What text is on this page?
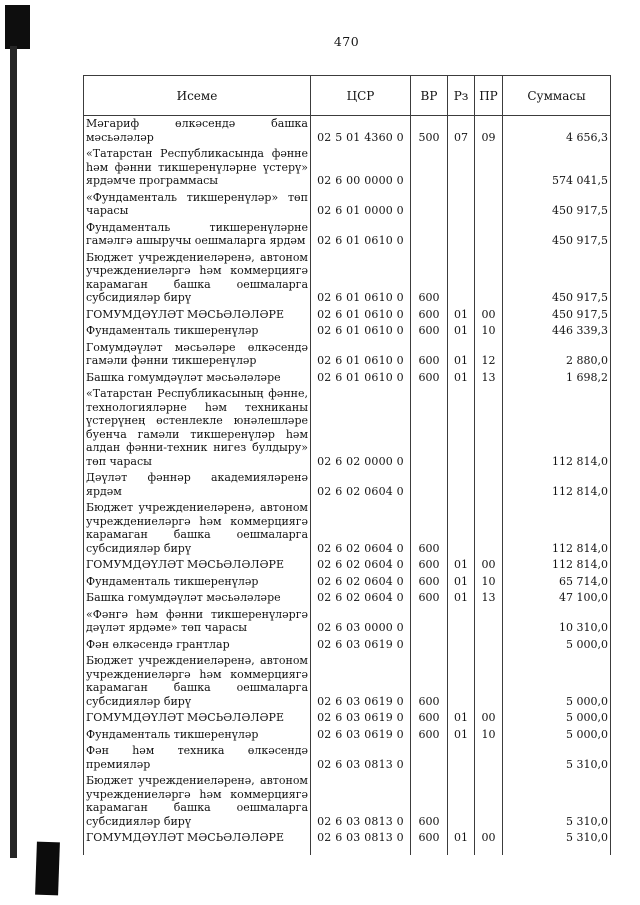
470
Исеме	ЦСР	ВР	Рз	ПР	Суммасы
Мәгариф өлкәсендә башка мәсьәләләр	02 5 01 4360 0	500	07	09	4 656,3
«Татарстан Республикасында фәнне һәм фәнни тикшеренүләрне үстерү» ярдәмче программасы	02 6 00 0000 0				574 041,5
«Фундаменталь тикшеренүләр» төп чарасы	02 6 01 0000 0				450 917,5
Фундаменталь тикшеренүләрне гамәлгә ашыручы оешмаларга ярдәм	02 6 01 0610 0				450 917,5
Бюджет учреждениеләренә, автоном учреждениеләргә һәм коммерциягә карамаган башка оешмаларга субсидияләр бирү	02 6 01 0610 0	600			450 917,5
ГОМУМДӘҮЛӘТ МӘСЬӘЛӘЛӘРЕ	02 6 01 0610 0	600	01	00	450 917,5
Фундаменталь тикшеренүләр	02 6 01 0610 0	600	01	10	446 339,3
Гомумдәүләт мәсьәләре өлкәсендә гамәли фәнни тикшеренүләр	02 6 01 0610 0	600	01	12	2 880,0
Башка гомумдәүләт мәсьәләләре	02 6 01 0610 0	600	01	13	1 698,2
«Татарстан Республикасының фәнне, технологияләрне һәм техниканы үстерүнең өстенлекле юнәлешләре буенча гамәли тикшеренүләр һәм алдан фәнни-техник нигез булдыру» төп чарасы	02 6 02 0000 0				112 814,0
Дәүләт фәннәр академияләренә ярдәм	02 6 02 0604 0				112 814,0
Бюджет учреждениеләренә, автоном учреждениеләргә һәм коммерциягә карамаган башка оешмаларга субсидияләр бирү	02 6 02 0604 0	600			112 814,0
ГОМУМДӘҮЛӘТ МӘСЬӘЛӘЛӘРЕ	02 6 02 0604 0	600	01	00	112 814,0
Фундаменталь тикшеренүләр	02 6 02 0604 0	600	01	10	65 714,0
Башка гомумдәүләт мәсьәләләре	02 6 02 0604 0	600	01	13	47 100,0
«Фәнгә һәм фәнни тикшеренүләргә дәүләт ярдәме» төп чарасы	02 6 03 0000 0				10 310,0
Фән өлкәсендә грантлар	02 6 03 0619 0				5 000,0
Бюджет учреждениеләренә, автоном учреждениеләргә һәм коммерциягә карамаган башка оешмаларга субсидияләр бирү	02 6 03 0619 0	600			5 000,0
ГОМУМДӘҮЛӘТ МӘСЬӘЛӘЛӘРЕ	02 6 03 0619 0	600	01	00	5 000,0
Фундаменталь тикшеренүләр	02 6 03 0619 0	600	01	10	5 000,0
Фән һәм техника өлкәсендә премияләр	02 6 03 0813 0				5 310,0
Бюджет учреждениеләренә, автоном учреждениеләргә һәм коммерциягә карамаган башка оешмаларга субсидияләр бирү	02 6 03 0813 0	600			5 310,0
ГОМУМДӘҮЛӘТ МӘСЬӘЛӘЛӘРЕ	02 6 03 0813 0	600	01	00	5 310,0
